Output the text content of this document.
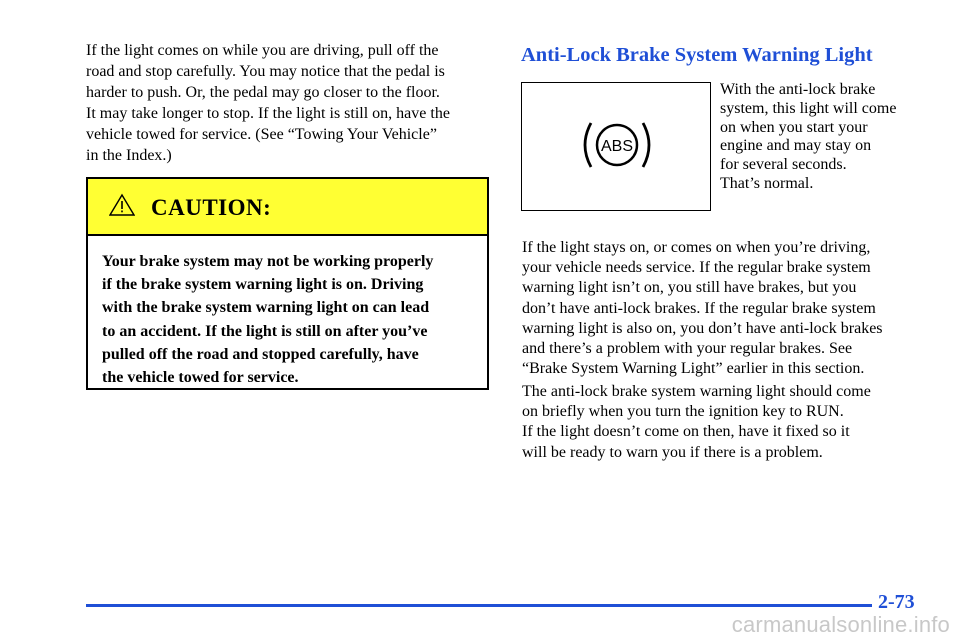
If the light comes on while you are driving, pull off the
road and stop carefully. You may notice that the pedal is
harder to push. Or, the pedal may go closer to the floor.
It may take longer to stop. If the light is still on, have the
vehicle towed for service. (See “Towing Your Vehicle”
in the Index.)

CAUTION:

Your brake system may not be working properly
if the brake system warning light is on. Driving
with the brake system warning light on can lead
to an accident. If the light is still on after you’ve
pulled off the road and stopped carefully, have
the vehicle towed for service.

Anti-Lock Brake System Warning Light
ABS

With the anti-lock brake
system, this light will come
on when you start your
engine and may stay on
for several seconds.
That’s normal.

If the light stays on, or comes on when you’re driving,
your vehicle needs service. If the regular brake system
warning light isn’t on, you still have brakes, but you
don’t have anti-lock brakes. If the regular brake system
warning light is also on, you don’t have anti-lock brakes
and there’s a problem with your regular brakes. See
“Brake System Warning Light” earlier in this section.

The anti-lock brake system warning light should come
on briefly when you turn the ignition key to RUN.
If the light doesn’t come on then, have it fixed so it
will be ready to warn you if there is a problem.

2-73
carmanualsonline.info
